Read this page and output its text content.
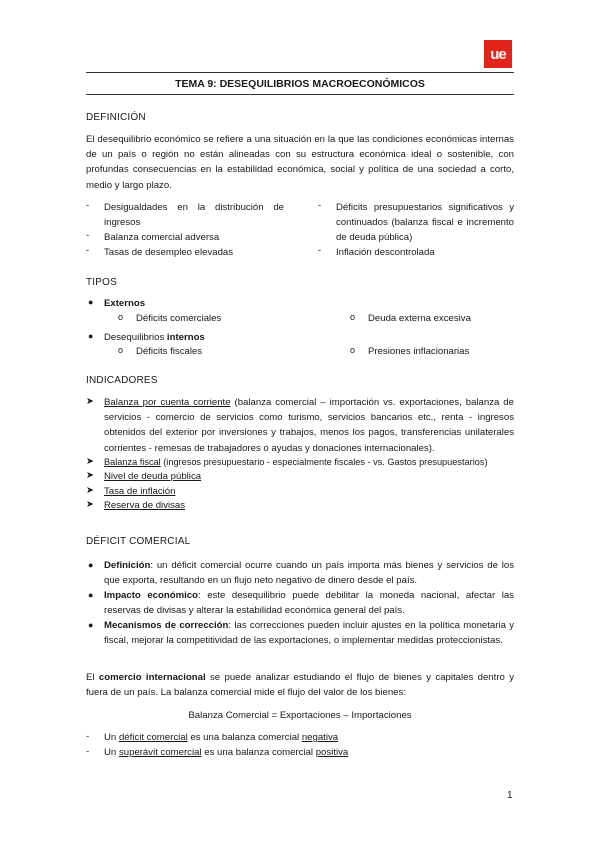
ue
TEMA 9: DESEQUILIBRIOS MACROECONÓMICOS
DEFINICIÓN
El desequilibrio económico se refiere a una situación en la que las condiciones económicas internas de un país o región no están alineadas con su estructura económica ideal o sostenible, con profundas consecuencias en la estabilidad económica, social y política de una sociedad a corto, medio y largo plazo.
-	Desigualdades en la distribución de ingresos
-	Balanza comercial adversa
-	Tasas de desempleo elevadas
-	Déficits presupuestarios significativos y continuados (balanza fiscal e incremento de deuda pública)
-	Inflación descontrolada
TIPOS
● Externos
o Déficits comerciales	o Deuda externa excesiva
● Desequilibrios internos
o Déficits fiscales	o Presiones inflacionarias
INDICADORES
➤ Balanza por cuenta corriente (balanza comercial – importación vs. exportaciones, balanza de servicios - comercio de servicios como turismo, servicios bancarios etc., renta - ingresos obtenidos del exterior por inversiones y trabajos, menos los pagos, transferencias unilaterales corrientes - remesas de trabajadores o ayudas y donaciones internacionales).
➤ Balanza fiscal (ingresos presupuestario - especialmente fiscales - vs. Gastos presupuestarios)
➤ Nivel de deuda pública
➤ Tasa de inflación
➤ Reserva de divisas
DÉFICIT COMERCIAL
● Definición: un déficit comercial ocurre cuando un país importa más bienes y servicios de los que exporta, resultando en un flujo neto negativo de dinero desde el país.
● Impacto económico: este desequilibrio puede debilitar la moneda nacional, afectar las reservas de divisas y alterar la estabilidad económica general del país.
● Mecanismos de corrección: las correcciones pueden incluir ajustes en la política monetaria y fiscal, mejorar la competitividad de las exportaciones, o implementar medidas proteccionistas.
El comercio internacional se puede analizar estudiando el flujo de bienes y capitales dentro y fuera de un país. La balanza comercial mide el flujo del valor de los bienes:
Balanza Comercial = Exportaciones – Importaciones
-	Un déficit comercial es una balanza comercial negativa
-	Un superávit comercial es una balanza comercial positiva
1
